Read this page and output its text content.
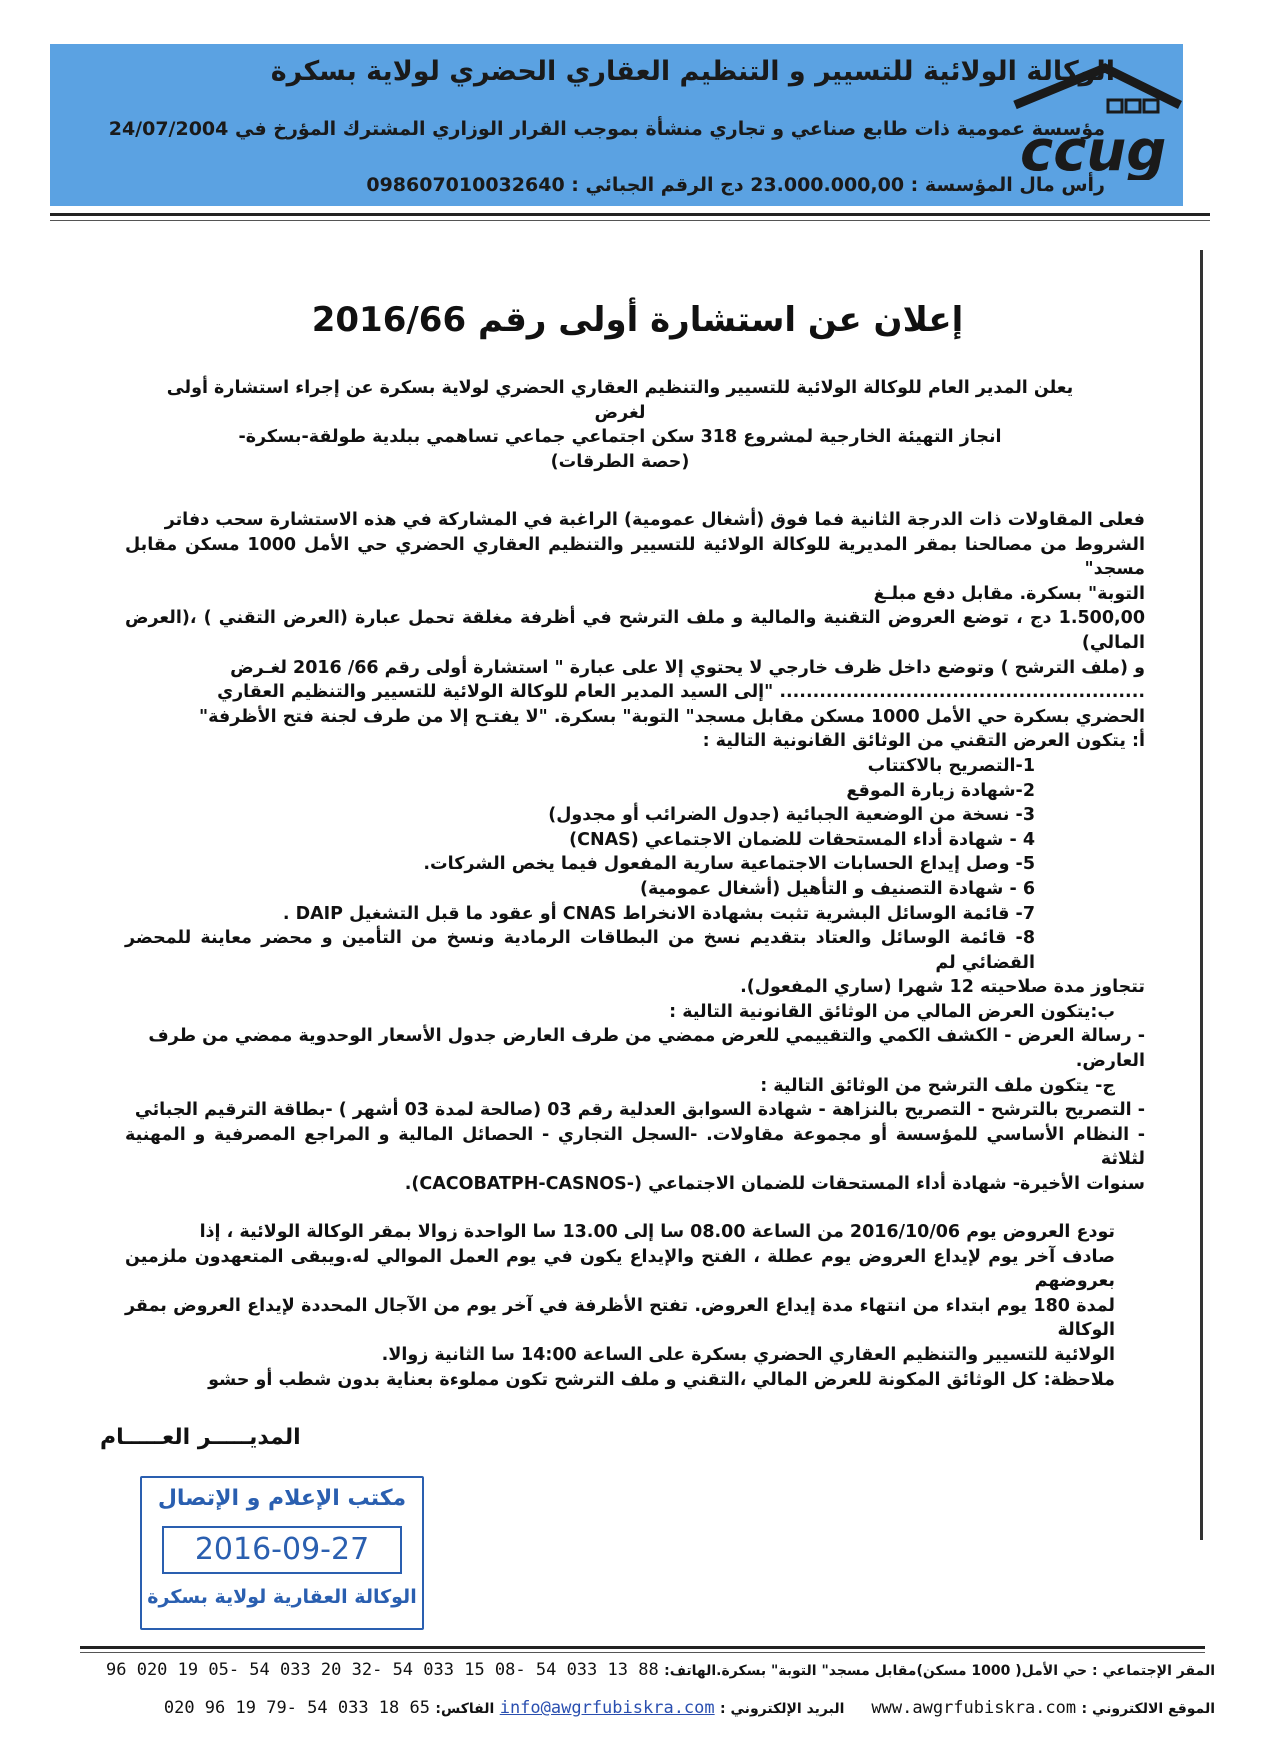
الوكالة الولائية للتسيير و التنظيم العقاري الحضري لولاية بسكرة
مؤسسة عمومية ذات طابع صناعي و تجاري منشأة بموجب القرار الوزاري المشترك المؤرخ في 24/07/2004
رأس مال المؤسسة : 23.000.000,00 دج الرقم الجبائي : 098607010032640
ccug
إعلان عن استشارة أولى رقم 2016/66

يعلن المدير العام للوكالة الولائية للتسيير والتنظيم العقاري الحضري لولاية بسكرة عن إجراء استشارة أولى لغرض

انجاز التهيئة الخارجية لمشروع 318 سكن اجتماعي جماعي تساهمي ببلدية طولقة-بسكرة-

(حصة الطرقات)

فعلى المقاولات ذات الدرجة الثانية فما فوق (أشغال عمومية) الراغبة في المشاركة في هذه الاستشارة سحب دفاتر

الشروط من مصالحنا بمقر المديرية للوكالة الولائية للتسيير والتنظيم العقاري الحضري حي الأمل 1000 مسكن مقابل مسجد"

التوبة" بسكرة. مقابل دفع مبلـغ

1.500,00 دج ، توضع العروض التقنية والمالية و ملف الترشح في أظرفة مغلقة تحمل عبارة (العرض التقني ) ،(العرض المالي)

و (ملف الترشح ) وتوضع داخل ظرف خارجي لا يحتوي إلا على عبارة " استشارة أولى رقم 66/ 2016 لغـرض

....................................................... "إلى السيد المدير العام للوكالة الولائية للتسيير والتنظيم العقاري

الحضري بسكرة حي الأمل 1000 مسكن مقابل مسجد" التوبة" بسكرة. "لا يفتـح إلا من طرف لجنة فتح الأظرفة"

أ: يتكون العرض التقني من الوثائق القانونية التالية :

1-التصريح بالاكتتاب

2-شهادة زيارة الموقع

3- نسخة من الوضعية الجبائية (جدول الضرائب أو مجدول)

4 - شهادة أداء المستحقات للضمان الاجتماعي (CNAS)

5- وصل إيداع الحسابات الاجتماعية سارية المفعول فيما يخص الشركات.

6 - شهادة التصنيف و التأهيل (أشغال عمومية)

7- قائمة الوسائل البشرية تثبت بشهادة الانخراط CNAS أو عقود ما قبل التشغيل DAIP .

8- قائمة الوسائل والعتاد بتقديم نسخ من البطاقات الرمادية ونسخ من التأمين و محضر معاينة للمحضر القضائي لم

تتجاوز مدة صلاحيته 12 شهرا (ساري المفعول).

ب:يتكون العرض المالي من الوثائق القانونية التالية :

- رسالة العرض - الكشف الكمي والتقييمي للعرض ممضي من طرف العارض جدول الأسعار الوحدوية ممضي من طرف

العارض.

ج- يتكون ملف الترشح من الوثائق التالية :

- التصريح بالترشح - التصريح بالنزاهة - شهادة السوابق العدلية رقم 03 (صالحة لمدة 03 أشهر ) -بطاقة الترقيم الجبائي

- النظام الأساسي للمؤسسة أو مجموعة مقاولات. -السجل التجاري - الحصائل المالية و المراجع المصرفية و المهنية لثلاثة

سنوات الأخيرة- شهادة أداء المستحقات للضمان الاجتماعي (-CACOBATPH-CASNOS).

تودع العروض يوم 2016/10/06 من الساعة 08.00 سا إلى 13.00 سا الواحدة زوالا بمقر الوكالة الولائية ، إذا

صادف آخر يوم لإيداع العروض يوم عطلة ، الفتح والإيداع يكون في يوم العمل الموالي له.ويبقى المتعهدون ملزمين بعروضهم

لمدة 180 يوم ابتداء من انتهاء مدة إيداع العروض. تفتح الأظرفة في آخر يوم من الآجال المحددة لإيداع العروض بمقر الوكالة

الولائية للتسيير والتنظيم العقاري الحضري بسكرة على الساعة 14:00 سا الثانية زوالا.

ملاحظة: كل الوثائق المكونة للعرض المالي ،التقني و ملف الترشح تكون مملوءة بعناية بدون شطب أو حشو

المديـــــر العـــــام
مكتب الإعلام و الإتصال
2016-09-27
الوكالة العقارية لولاية بسكرة
المقر الإجتماعي : حي الأمل( 1000 مسكن)مقابل مسجد" التوبة" بسكرة.الهاتف: 96 020 19 05- 54 033 20 32- 54 033 15 08- 54 033 13 88
الموقع الالكتروني : www.awgrfubiskra.com     البريد الإلكتروني : info@awgrfubiskra.com الفاكس: 020 96 19 79- 54 033 18 65
